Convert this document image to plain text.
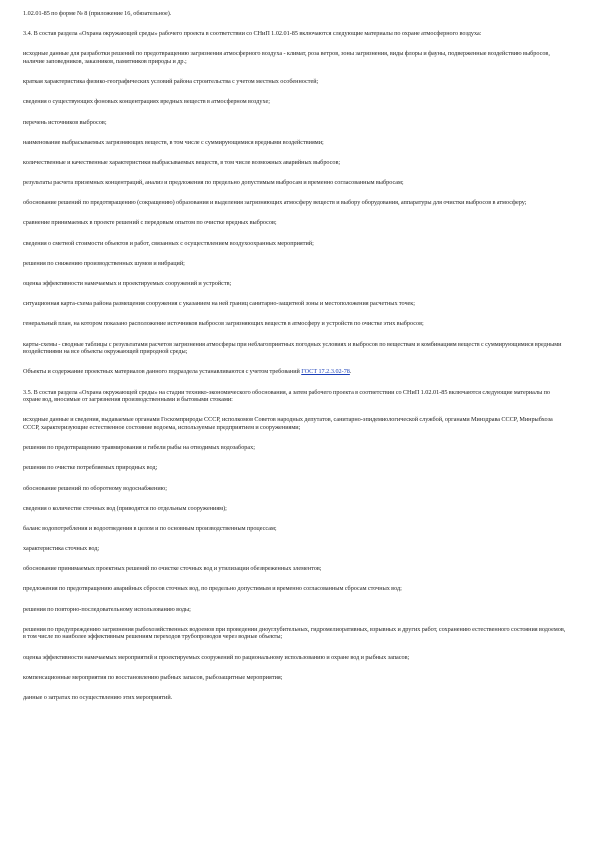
1.02.01-85 по форме № 8 (приложение 16, обязательное).

3.4. В состав раздела «Охрана окружающей среды» рабочего проекта в соответствии со СНиП 1.02.01-85 включаются следующие материалы по охране атмосферного воздуха:

исходные данные для разработки решений по предотвращению загрязнения атмосферного воздуха - климат, роза ветров, зоны загрязнения, виды флоры и фауны, подверженные воздействию выбросов, наличие заповедников, заказников, памятников природы и др.;

краткая характеристика физико-географических условий района строительства с учетом местных особенностей;

сведения о существующих фоновых концентрациях вредных веществ в атмосферном воздухе;

перечень источников выбросов;

наименование выбрасываемых загрязняющих веществ, в том числе с суммирующимися вредными воздействиями;

количественные и качественные характеристики выбрасываемых веществ, в том числе возможных аварийных выбросов;

результаты расчета приземных концентраций, анализ и предложения по предельно допустимым выбросам и временно согласованным выбросам;

обоснование решений по предотвращению (сокращению) образования и выделения загрязняющих атмосферу веществ и выбору оборудования, аппаратуры для очистки выбросов в атмосферу;

сравнение принимаемых в проекте решений с передовым опытом по очистке вредных выбросов;

сведения о сметной стоимости объектов и работ, связанных с осуществлением воздухоохранных мероприятий;

решения по снижению производственных шумов и вибраций;

оценка эффективности намечаемых и проектируемых сооружений и устройств;

ситуационная карта-схема района размещения сооружения с указанием на ней границ санитарно-защитной зоны и местоположения расчетных точек;

генеральный план, на котором показано расположение источников выбросов загрязняющих веществ в атмосферу и устройств по очистке этих выбросов;

карты-схемы - сводные таблицы с результатами расчетов загрязнения атмосферы при неблагоприятных погодных условиях и выбросов по веществам и комбинациям веществ с суммирующимися вредными воздействиями на все объекты окружающей природной среды;

Объекты и содержание проектных материалов данного подраздела устанавливаются с учетом требований ГОСТ 17.2.3.02-78.

3.5. В состав раздела «Охрана окружающей среды» на стадии технико-экономического обоснования, а затем рабочего проекта в соответствии со СНиП 1.02.01-85 включаются следующие материалы по охране вод, вносимые от загрязнения производственными и бытовыми стоками:

исходные данные и сведения, выдаваемые органами Госкомприроды СССР, исполкомов Советов народных депутатов, санитарно-эпидемиологической службой, органами Минздрава СССР, Минрыбхоза СССР, характеризующие естественное состояние водоема, используемые предприятием и сооружениями;

решения по предотвращению травмирования и гибели рыбы на отводимых водозаборах;

решения по очистке потребляемых природных вод;

обоснование решений по оборотному водоснабжению;

сведения о количестве сточных вод (приводятся по отдельным сооружениям);

баланс водопотребления и водоотведения в целом и по основным производственным процессам;

характеристика сточных вод;

обоснование принимаемых проектных решений по очистке сточных вод и утилизации обезвреженных элементов;

предложения по предотвращению аварийных сбросов сточных вод, по предельно допустимым и временно согласованным сбросам сточных вод;

решения по повторно-последовательному использованию воды;

решения по предупреждению загрязнения рыбохозяйственных водоемов при проведении дноуглубительных, гидромелиоративных, взрывных и других работ, сохранению естественного состояния водоемов, в том числе по наиболее эффективным решениям переходов трубопроводов через водные объекты;

оценка эффективности намечаемых мероприятий и проектируемых сооружений по рациональному использованию и охране вод и рыбных запасов;

компенсационные мероприятия по восстановлению рыбных запасов, рыбозащитные мероприятия;

данные о затратах по осуществлению этих мероприятий.
